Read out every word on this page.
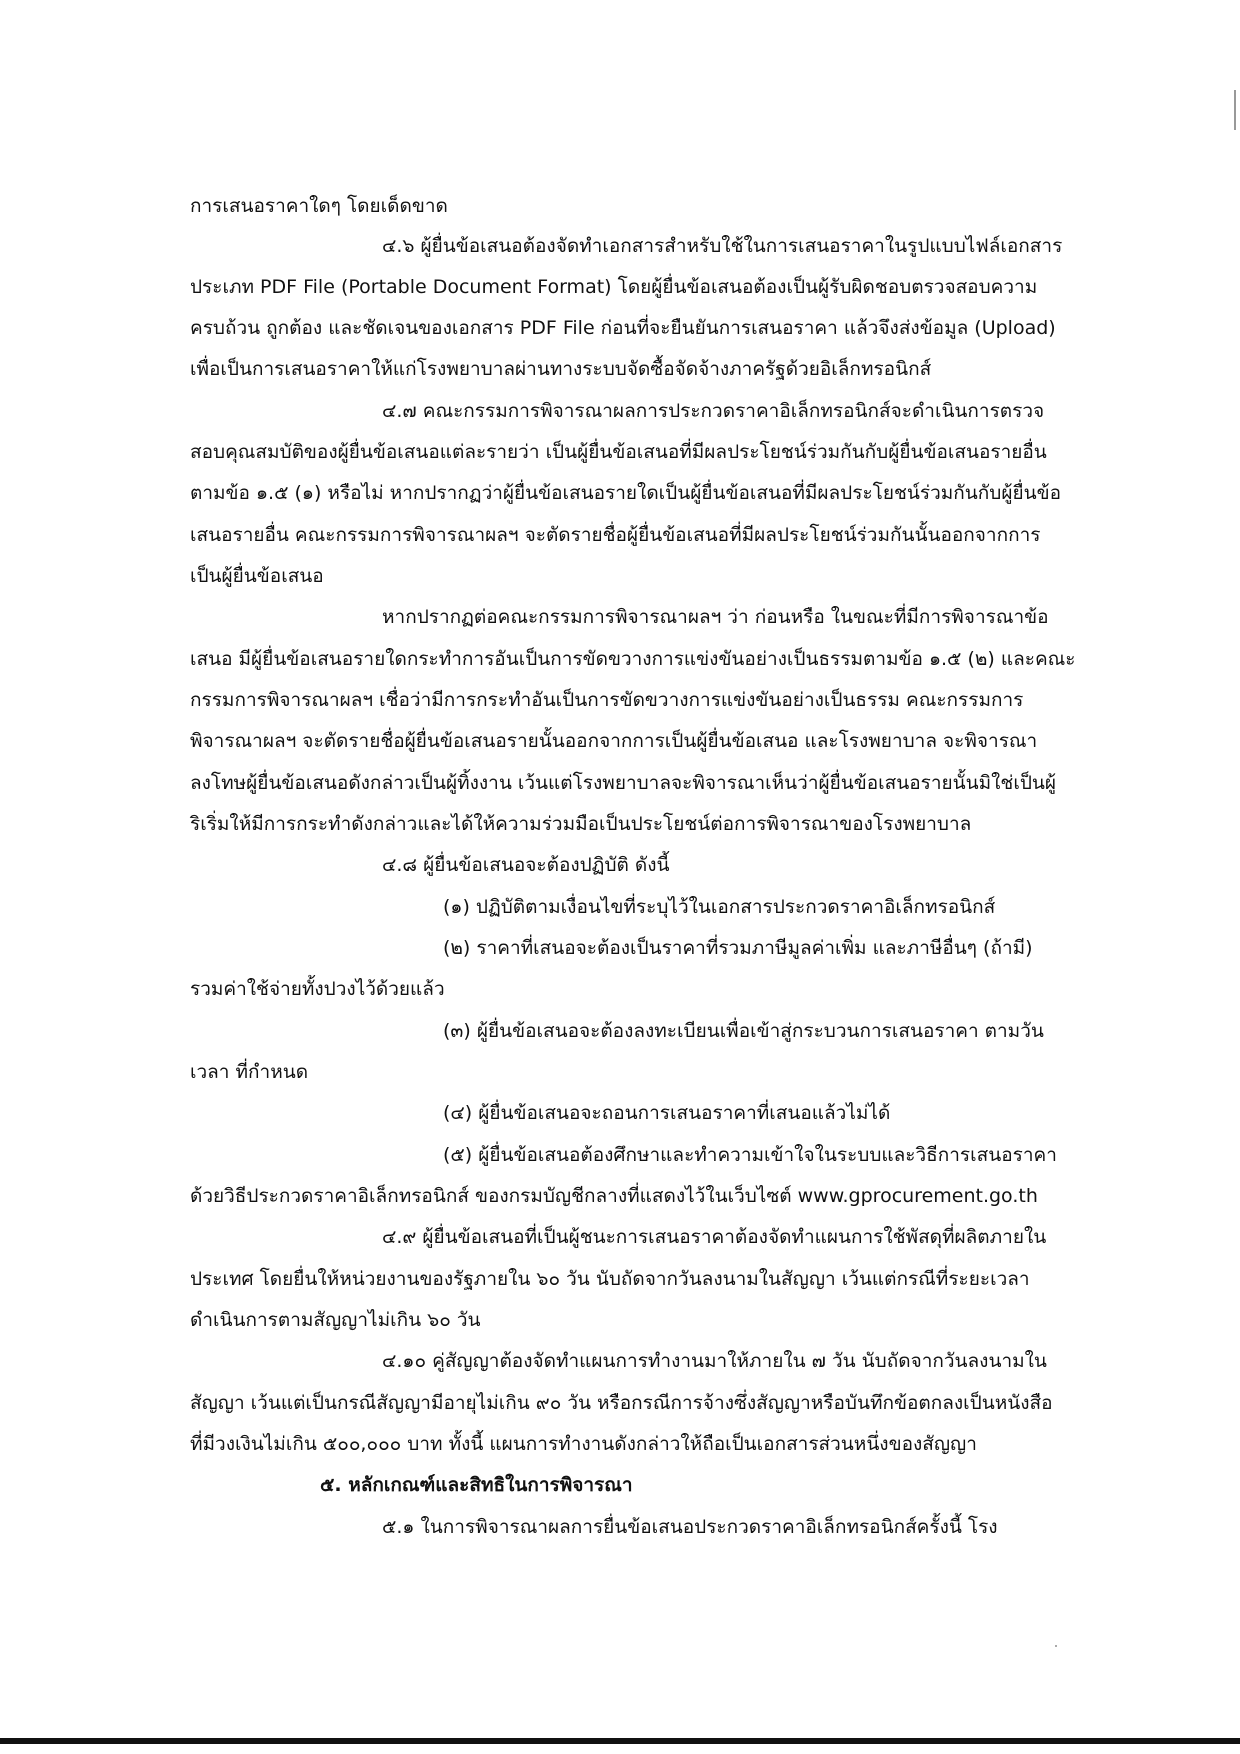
การเสนอราคาใดๆ โดยเด็ดขาด
๔.๖ ผู้ยื่นข้อเสนอต้องจัดทำเอกสารสำหรับใช้ในการเสนอราคาในรูปแบบไฟล์เอกสาร
ประเภท PDF File (Portable Document Format) โดยผู้ยื่นข้อเสนอต้องเป็นผู้รับผิดชอบตรวจสอบความ
ครบถ้วน ถูกต้อง และชัดเจนของเอกสาร PDF File ก่อนที่จะยืนยันการเสนอราคา แล้วจึงส่งข้อมูล (Upload)
เพื่อเป็นการเสนอราคาให้แก่โรงพยาบาลผ่านทางระบบจัดซื้อจัดจ้างภาครัฐด้วยอิเล็กทรอนิกส์
๔.๗ คณะกรรมการพิจารณาผลการประกวดราคาอิเล็กทรอนิกส์จะดำเนินการตรวจ
สอบคุณสมบัติของผู้ยื่นข้อเสนอแต่ละรายว่า เป็นผู้ยื่นข้อเสนอที่มีผลประโยชน์ร่วมกันกับผู้ยื่นข้อเสนอรายอื่น
ตามข้อ ๑.๕ (๑) หรือไม่ หากปรากฏว่าผู้ยื่นข้อเสนอรายใดเป็นผู้ยื่นข้อเสนอที่มีผลประโยชน์ร่วมกันกับผู้ยื่นข้อ
เสนอรายอื่น คณะกรรมการพิจารณาผลฯ จะตัดรายชื่อผู้ยื่นข้อเสนอที่มีผลประโยชน์ร่วมกันนั้นออกจากการ
เป็นผู้ยื่นข้อเสนอ
หากปรากฏต่อคณะกรรมการพิจารณาผลฯ ว่า ก่อนหรือ ในขณะที่มีการพิจารณาข้อ
เสนอ มีผู้ยื่นข้อเสนอรายใดกระทำการอันเป็นการขัดขวางการแข่งขันอย่างเป็นธรรมตามข้อ ๑.๕ (๒) และคณะ
กรรมการพิจารณาผลฯ เชื่อว่ามีการกระทำอันเป็นการขัดขวางการแข่งขันอย่างเป็นธรรม คณะกรรมการ
พิจารณาผลฯ จะตัดรายชื่อผู้ยื่นข้อเสนอรายนั้นออกจากการเป็นผู้ยื่นข้อเสนอ และโรงพยาบาล จะพิจารณา
ลงโทษผู้ยื่นข้อเสนอดังกล่าวเป็นผู้ทิ้งงาน เว้นแต่โรงพยาบาลจะพิจารณาเห็นว่าผู้ยื่นข้อเสนอรายนั้นมิใช่เป็นผู้
ริเริ่มให้มีการกระทำดังกล่าวและได้ให้ความร่วมมือเป็นประโยชน์ต่อการพิจารณาของโรงพยาบาล
๔.๘ ผู้ยื่นข้อเสนอจะต้องปฏิบัติ ดังนี้
(๑) ปฏิบัติตามเงื่อนไขที่ระบุไว้ในเอกสารประกวดราคาอิเล็กทรอนิกส์
(๒) ราคาที่เสนอจะต้องเป็นราคาที่รวมภาษีมูลค่าเพิ่ม และภาษีอื่นๆ (ถ้ามี)
รวมค่าใช้จ่ายทั้งปวงไว้ด้วยแล้ว
(๓) ผู้ยื่นข้อเสนอจะต้องลงทะเบียนเพื่อเข้าสู่กระบวนการเสนอราคา ตามวัน
เวลา ที่กำหนด
(๔) ผู้ยื่นข้อเสนอจะถอนการเสนอราคาที่เสนอแล้วไม่ได้
(๕) ผู้ยื่นข้อเสนอต้องศึกษาและทำความเข้าใจในระบบและวิธีการเสนอราคา
ด้วยวิธีประกวดราคาอิเล็กทรอนิกส์ ของกรมบัญชีกลางที่แสดงไว้ในเว็บไซต์ www.gprocurement.go.th
๔.๙ ผู้ยื่นข้อเสนอที่เป็นผู้ชนะการเสนอราคาต้องจัดทำแผนการใช้พัสดุที่ผลิตภายใน
ประเทศ โดยยื่นให้หน่วยงานของรัฐภายใน ๖๐ วัน นับถัดจากวันลงนามในสัญญา เว้นแต่กรณีที่ระยะเวลา
ดำเนินการตามสัญญาไม่เกิน ๖๐ วัน
๔.๑๐ คู่สัญญาต้องจัดทำแผนการทำงานมาให้ภายใน ๗ วัน นับถัดจากวันลงนามใน
สัญญา เว้นแต่เป็นกรณีสัญญามีอายุไม่เกิน ๙๐ วัน หรือกรณีการจ้างซึ่งสัญญาหรือบันทึกข้อตกลงเป็นหนังสือ
ที่มีวงเงินไม่เกิน ๕๐๐,๐๐๐ บาท ทั้งนี้ แผนการทำงานดังกล่าวให้ถือเป็นเอกสารส่วนหนึ่งของสัญญา
๕. หลักเกณฑ์และสิทธิในการพิจารณา
๕.๑ ในการพิจารณาผลการยื่นข้อเสนอประกวดราคาอิเล็กทรอนิกส์ครั้งนี้ โรง
